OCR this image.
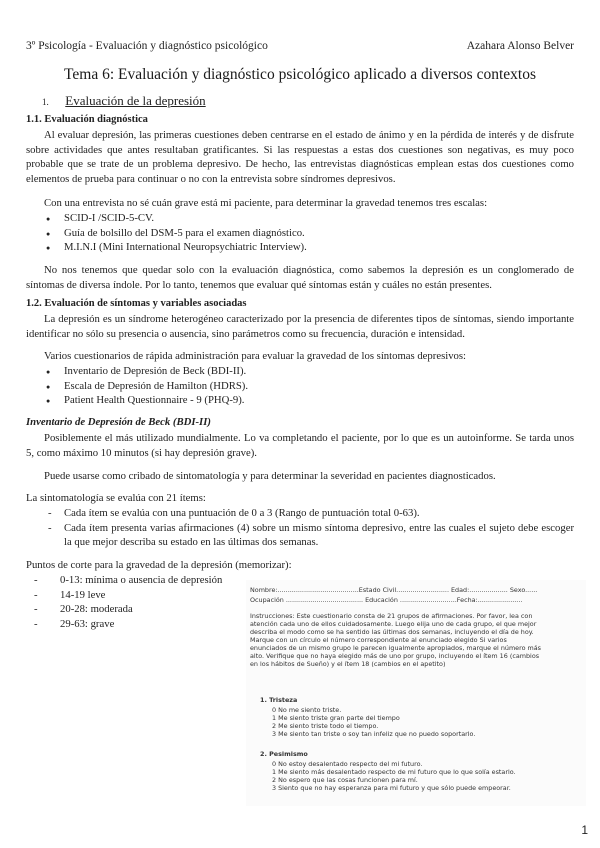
3º Psicología - Evaluación y diagnóstico psicológico	Azahara Alonso Belver
Tema 6: Evaluación y diagnóstico psicológico aplicado a diversos contextos
1. Evaluación de la depresión
1.1. Evaluación diagnóstica
Al evaluar depresión, las primeras cuestiones deben centrarse en el estado de ánimo y en la pérdida de interés y de disfrute sobre actividades que antes resultaban gratificantes. Si las respuestas a estas dos cuestiones son negativas, es muy poco probable que se trate de un problema depresivo. De hecho, las entrevistas diagnósticas emplean estas dos cuestiones como elementos de prueba para continuar o no con la entrevista sobre síndromes depresivos.
Con una entrevista no sé cuán grave está mi paciente, para determinar la gravedad tenemos tres escalas:
● SCID-I /SCID-5-CV.
● Guía de bolsillo del DSM-5 para el examen diagnóstico.
● M.I.N.I (Mini International Neuropsychiatric Interview).
No nos tenemos que quedar solo con la evaluación diagnóstica, como sabemos la depresión es un conglomerado de síntomas de diversa índole. Por lo tanto, tenemos que evaluar qué síntomas están y cuáles no están presentes.
1.2. Evaluación de síntomas y variables asociadas
La depresión es un síndrome heterogéneo caracterizado por la presencia de diferentes tipos de síntomas, siendo importante identificar no sólo su presencia o ausencia, sino parámetros como su frecuencia, duración e intensidad.
Varios cuestionarios de rápida administración para evaluar la gravedad de los síntomas depresivos:
● Inventario de Depresión de Beck (BDI-II).
● Escala de Depresión de Hamilton (HDRS).
● Patient Health Questionnaire - 9 (PHQ-9).
Inventario de Depresión de Beck (BDI-II)
Posiblemente el más utilizado mundialmente. Lo va completando el paciente, por lo que es un autoinforme. Se tarda unos 5, como máximo 10 minutos (si hay depresión grave).
Puede usarse como cribado de sintomatología y para determinar la severidad en pacientes diagnosticados.
La sintomatología se evalúa con 21 ítems:
- Cada ítem se evalúa con una puntuación de 0 a 3 (Rango de puntuación total 0-63).
- Cada ítem presenta varias afirmaciones (4) sobre un mismo síntoma depresivo, entre las cuales el sujeto debe escoger la que mejor describa su estado en las últimas dos semanas.
Puntos de corte para la gravedad de la depresión (memorizar):
- 0-13: mínima o ausencia de depresión
- 14-19 leve
- 20-28: moderada
- 29-63: grave
Nombre:........................................Estado Civil.......................... Edad:................... Sexo......
Ocupación ...................................... Educación ............................Fecha:......................
Instrucciones: Este cuestionario consta de 21 grupos de afirmaciones. Por favor, lea con
atención cada uno de ellos cuidadosamente. Luego elija uno de cada grupo, el que mejor
describa el modo como se ha sentido las últimas dos semanas, incluyendo el día de hoy.
Marque con un círculo el número correspondiente al enunciado elegido Si varios
enunciados de un mismo grupo le parecen igualmente apropiados, marque el número más
alto. Verifique que no haya elegido más de uno por grupo, incluyendo el ítem 16 (cambios
en los hábitos de Sueño) y el ítem 18 (cambios en el apetito)
1. Tristeza
0 No me siento triste.
1 Me siento triste gran parte del tiempo
2 Me siento triste todo el tiempo.
3 Me siento tan triste o soy tan infeliz que no puedo soportarlo.
2. Pesimismo
0 No estoy desalentado respecto del mi futuro.
1 Me siento más desalentado respecto de mi futuro que lo que solía estarlo.
2 No espero que las cosas funcionen para mí.
3 Siento que no hay esperanza para mi futuro y que sólo puede empeorar.
1
